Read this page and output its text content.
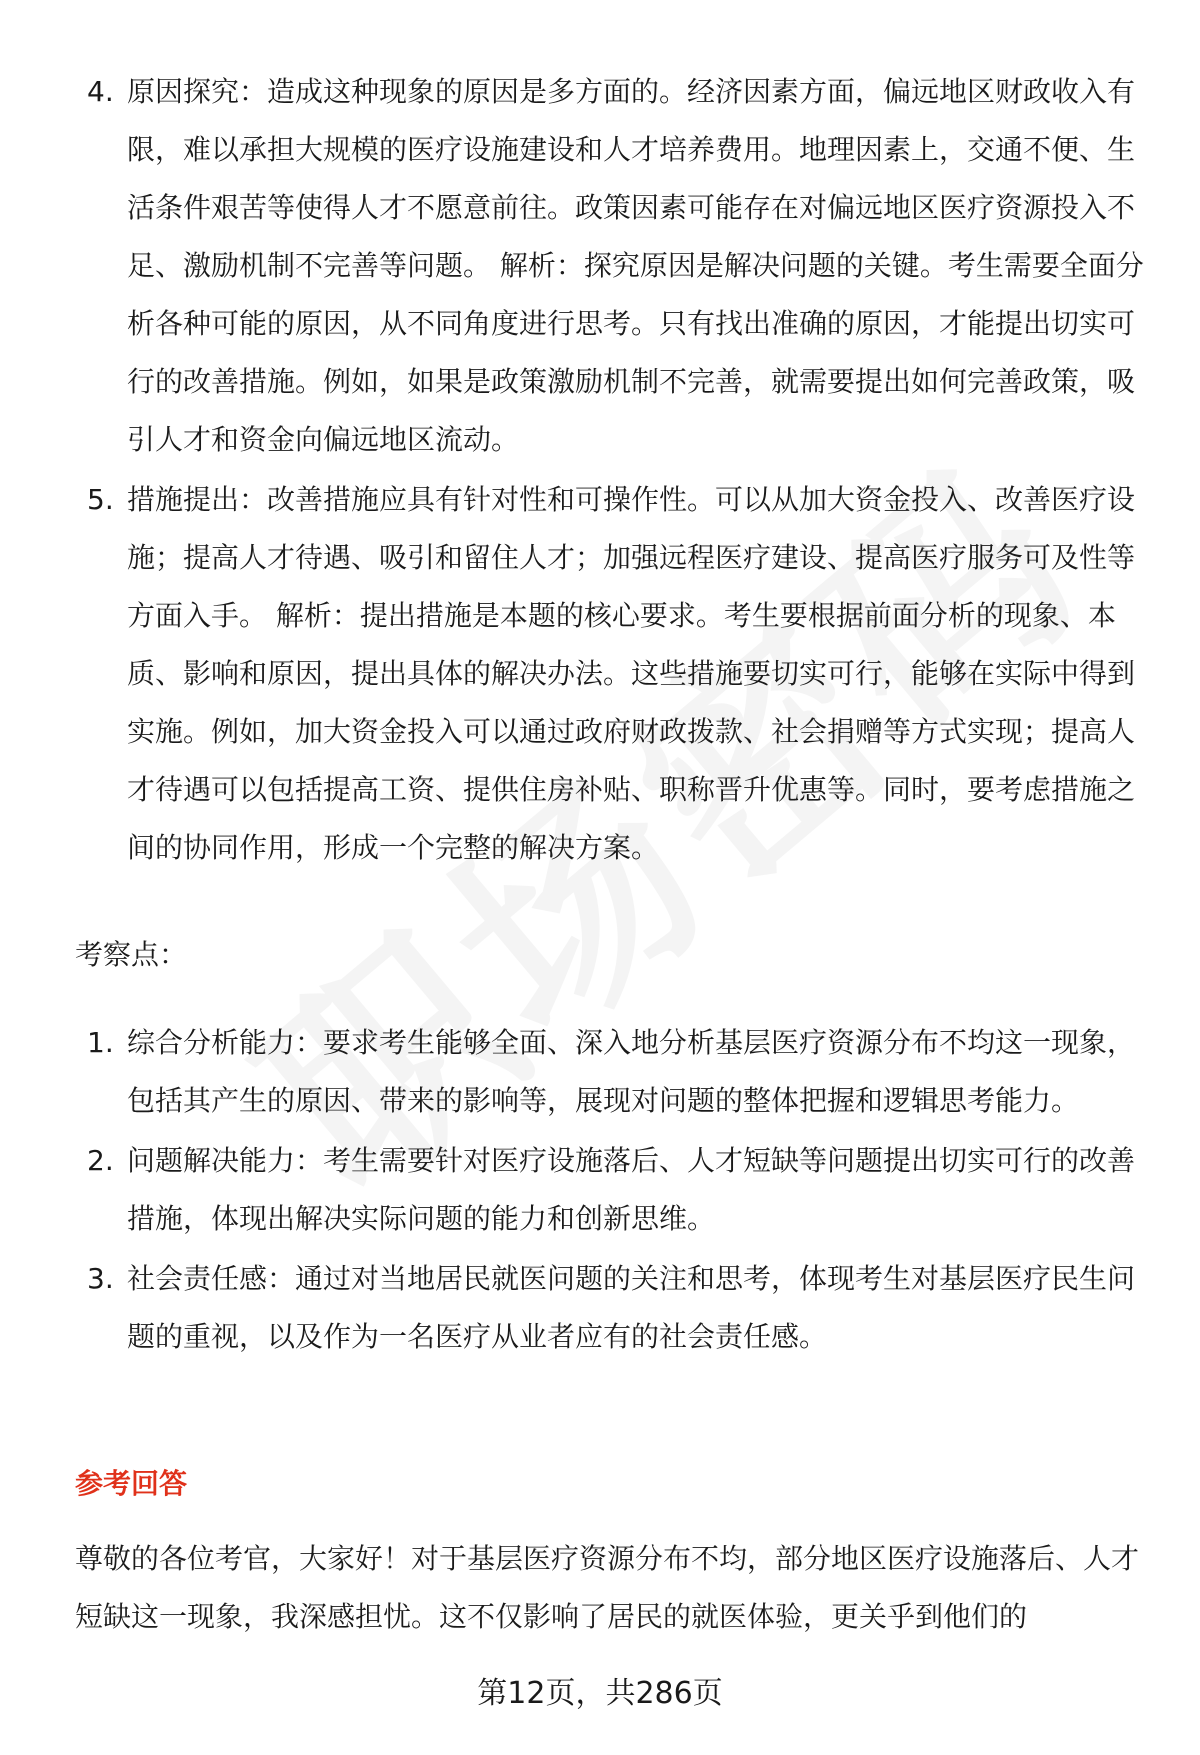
4. 原因探究：造成这种现象的原因是多方面的。经济因素方面，偏远地区财政收入有限，难以承担大规模的医疗设施建设和人才培养费用。地理因素上，交通不便、生活条件艰苦等使得人才不愿意前往。政策因素可能存在对偏远地区医疗资源投入不足、激励机制不完善等问题。 解析：探究原因是解决问题的关键。考生需要全面分析各种可能的原因，从不同角度进行思考。只有找出准确的原因，才能提出切实可行的改善措施。例如，如果是政策激励机制不完善，就需要提出如何完善政策，吸引人才和资金向偏远地区流动。
5. 措施提出：改善措施应具有针对性和可操作性。可以从加大资金投入、改善医疗设施；提高人才待遇、吸引和留住人才；加强远程医疗建设、提高医疗服务可及性等方面入手。 解析：提出措施是本题的核心要求。考生要根据前面分析的现象、本质、影响和原因，提出具体的解决办法。这些措施要切实可行，能够在实际中得到实施。例如，加大资金投入可以通过政府财政拨款、社会捐赠等方式实现；提高人才待遇可以包括提高工资、提供住房补贴、职称晋升优惠等。同时，要考虑措施之间的协同作用，形成一个完整的解决方案。
考察点：
1. 综合分析能力：要求考生能够全面、深入地分析基层医疗资源分布不均这一现象，包括其产生的原因、带来的影响等，展现对问题的整体把握和逻辑思考能力。
2. 问题解决能力：考生需要针对医疗设施落后、人才短缺等问题提出切实可行的改善措施，体现出解决实际问题的能力和创新思维。
3. 社会责任感：通过对当地居民就医问题的关注和思考，体现考生对基层医疗民生问题的重视，以及作为一名医疗从业者应有的社会责任感。
参考回答

尊敬的各位考官，大家好！对于基层医疗资源分布不均，部分地区医疗设施落后、人才短缺这一现象，我深感担忧。这不仅影响了居民的就医体验，更关乎到他们的

第12页，共286页
